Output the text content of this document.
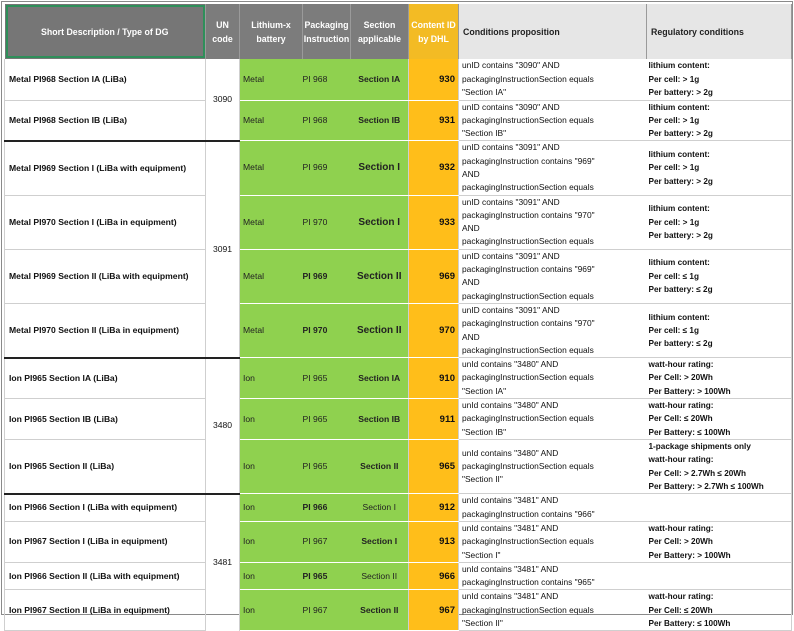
Short Description / Type of DG	UN code	Lithium-x battery	Packaging Instruction	Section applicable	Content ID by DHL	Conditions proposition	Regulatory conditions
Metal PI968 Section IA (LiBa)	3090	Metal	PI 968	Section IA	930	unID contains "3090" AND
packagingInstructionSection equals
"Section IA"	lithium content:
Per cell: > 1g
Per battery: > 2g
Metal PI968 Section IB (LiBa)		Metal	PI 968	Section IB	931	unID contains "3090" AND
packagingInstructionSection equals
"Section IB"	lithium content:
Per cell: > 1g
Per battery: > 2g
Metal PI969 Section I (LiBa with equipment)	3091	Metal	PI 969	Section I	932	unID contains "3091" AND
packagingInstruction contains "969"
AND
packagingInstructionSection equals	lithium content:
Per cell: > 1g
Per battery: > 2g
Metal PI970 Section I (LiBa in equipment)		Metal	PI 970	Section I	933	unID contains "3091" AND
packagingInstruction contains "970"
AND
packagingInstructionSection equals	lithium content:
Per cell: > 1g
Per battery: > 2g
Metal PI969 Section II (LiBa with equipment)		Metal	PI 969	Section II	969	unID contains "3091" AND
packagingInstruction contains "969"
AND
packagingInstructionSection equals	lithium content:
Per cell: ≤ 1g
Per battery: ≤ 2g
Metal PI970 Section II (LiBa in equipment)		Metal	PI 970	Section II	970	unID contains "3091" AND
packagingInstruction contains "970"
AND
packagingInstructionSection equals	lithium content:
Per cell: ≤ 1g
Per battery: ≤ 2g
Ion PI965 Section IA (LiBa)	3480	Ion	PI 965	Section IA	910	unId contains "3480" AND
packagingInstructionSection equals
"Section IA"	watt-hour rating:
Per Cell: > 20Wh
Per Battery: > 100Wh
Ion PI965 Section IB (LiBa)		Ion	PI 965	Section IB	911	unId contains "3480" AND
packagingInstructionSection equals
"Section IB"	watt-hour rating:
Per Cell: ≤ 20Wh
Per Battery: ≤ 100Wh
Ion PI965 Section II (LiBa)		Ion	PI 965	Section II	965	unId contains "3480" AND
packagingInstructionSection equals
"Section II"	1-package shipments only
watt-hour rating:
Per Cell: > 2.7Wh ≤ 20Wh
Per Battery: > 2.7Wh ≤ 100Wh
Ion PI966 Section I (LiBa with equipment)	3481	Ion	PI 966	Section I	912	unId contains "3481" AND
packagingInstruction contains "966"	
Ion PI967 Section I (LiBa in equipment)		Ion	PI 967	Section I	913	unId contains "3481" AND
packagingInstructionSection equals
"Section I"	watt-hour rating:
Per Cell: > 20Wh
Per Battery: > 100Wh
Ion PI966 Section II (LiBa with equipment)		Ion	PI 965	Section II	966	unId contains "3481" AND
packagingInstruction contains "965"	
Ion PI967 Section II (LiBa in equipment)		Ion	PI 967	Section II	967	unId contains "3481" AND
packagingInstructionSection equals
"Section II"	watt-hour rating:
Per Cell: ≤ 20Wh
Per Battery: ≤ 100Wh
